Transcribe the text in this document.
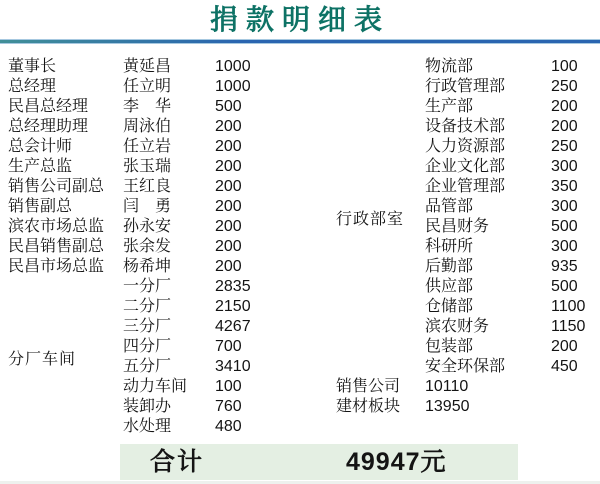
捐款明细表
董事长	黄延昌	1000
总经理	任立明	1000
民昌总经理	李　华	500
总经理助理	周泳伯	200
总会计师	任立岩	200
生产总监	张玉瑞	200
销售公司副总	王红良	200
销售副总	闫　勇	200
滨农市场总监	孙永安	200
民昌销售副总	张余发	200
民昌市场总监	杨希坤	200
分厂车间
一分厂	2835
二分厂	2150
三分厂	4267
四分厂	700
五分厂	3410
动力车间	100
装卸办	760
水处理	480
行政部室
物流部	100
行政管理部	250
生产部	200
设备技术部	200
人力资源部	250
企业文化部	300
企业管理部	350
品管部	300
民昌财务	500
科研所	300
后勤部	935
供应部	500
仓储部	1100
滨农财务	1150
包装部	200
安全环保部	450
销售公司	10110
建材板块	13950
合计	49947元
